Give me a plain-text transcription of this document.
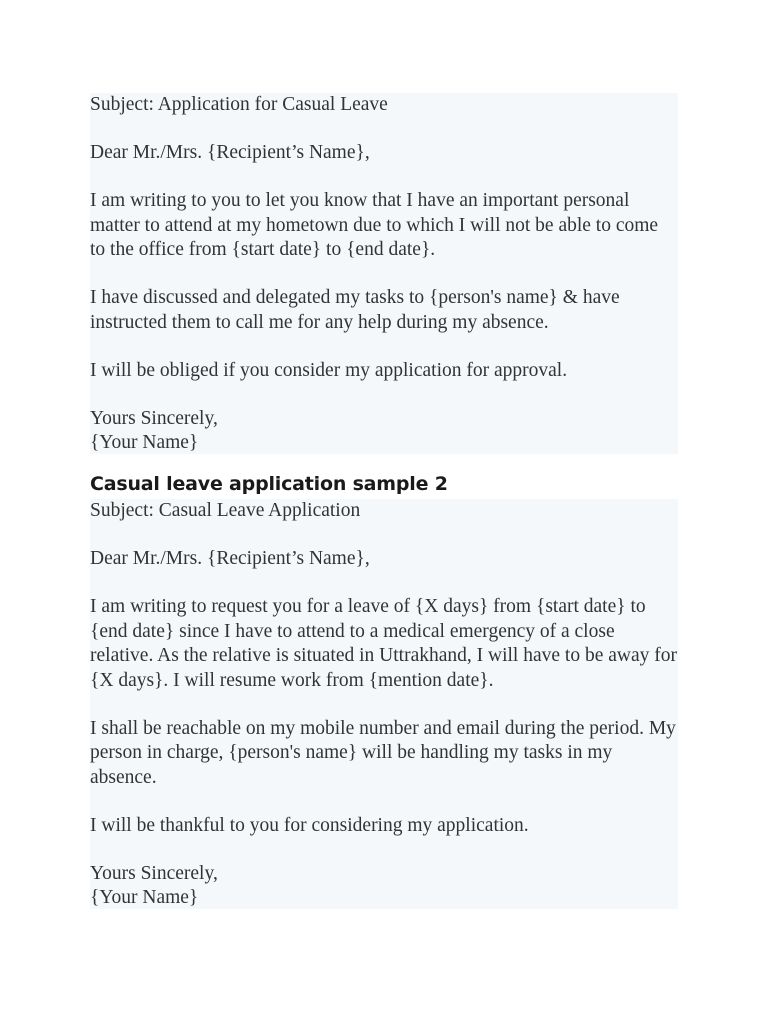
Subject: Application for Casual Leave

Dear Mr./Mrs. {Recipient’s Name},

I am writing to you to let you know that I have an important personal matter to attend at my hometown due to which I will not be able to come to the office from {start date} to {end date}.

I have discussed and delegated my tasks to {person's name} & have instructed them to call me for any help during my absence.

I will be obliged if you consider my application for approval.

Yours Sincerely,
{Your Name}

Casual leave application sample 2

Subject: Casual Leave Application

Dear Mr./Mrs. {Recipient’s Name},

I am writing to request you for a leave of {X days} from {start date} to {end date} since I have to attend to a medical emergency of a close relative. As the relative is situated in Uttrakhand, I will have to be away for {X days}. I will resume work from {mention date}.

I shall be reachable on my mobile number and email during the period. My person in charge, {person's name} will be handling my tasks in my absence.

I will be thankful to you for considering my application.

Yours Sincerely,
{Your Name}
